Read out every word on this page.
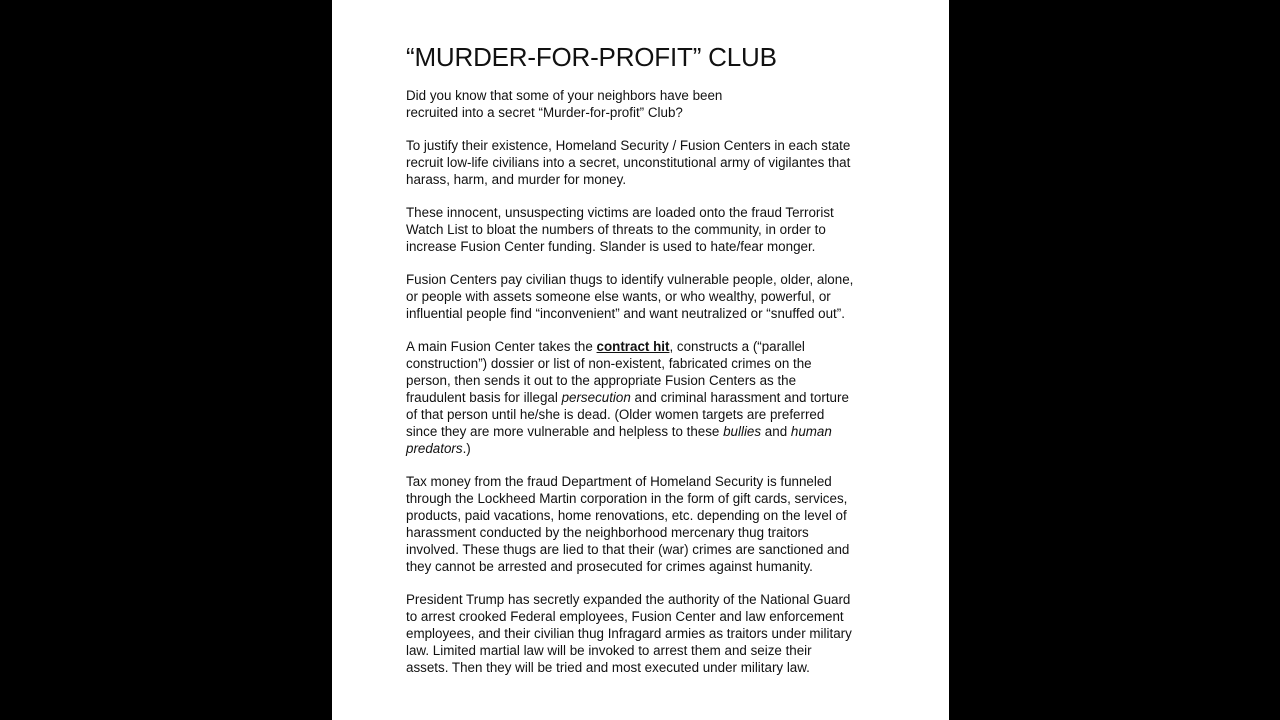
“MURDER-FOR-PROFIT” CLUB

Did you know that some of your neighbors have been
recruited into a secret “Murder-for-profit” Club?

To justify their existence, Homeland Security / Fusion Centers in each state
recruit low-life civilians into a secret, unconstitutional army of vigilantes that
harass, harm, and murder for money.

These innocent, unsuspecting victims are loaded onto the fraud Terrorist
Watch List to bloat the numbers of threats to the community, in order to
increase Fusion Center funding. Slander is used to hate/fear monger.

Fusion Centers pay civilian thugs to identify vulnerable people, older, alone,
or people with assets someone else wants, or who wealthy, powerful, or
influential people find “inconvenient” and want neutralized or “snuffed out”.

A main Fusion Center takes the contract hit, constructs a (“parallel
construction”) dossier or list of non-existent, fabricated crimes on the
person, then sends it out to the appropriate Fusion Centers as the
fraudulent basis for illegal persecution and criminal harassment and torture
of that person until he/she is dead. (Older women targets are preferred
since they are more vulnerable and helpless to these bullies and human
predators.)

Tax money from the fraud Department of Homeland Security is funneled
through the Lockheed Martin corporation in the form of gift cards, services,
products, paid vacations, home renovations, etc. depending on the level of
harassment conducted by the neighborhood mercenary thug traitors
involved. These thugs are lied to that their (war) crimes are sanctioned and
they cannot be arrested and prosecuted for crimes against humanity.

President Trump has secretly expanded the authority of the National Guard
to arrest crooked Federal employees, Fusion Center and law enforcement
employees, and their civilian thug Infragard armies as traitors under military
law. Limited martial law will be invoked to arrest them and seize their
assets. Then they will be tried and most executed under military law.
